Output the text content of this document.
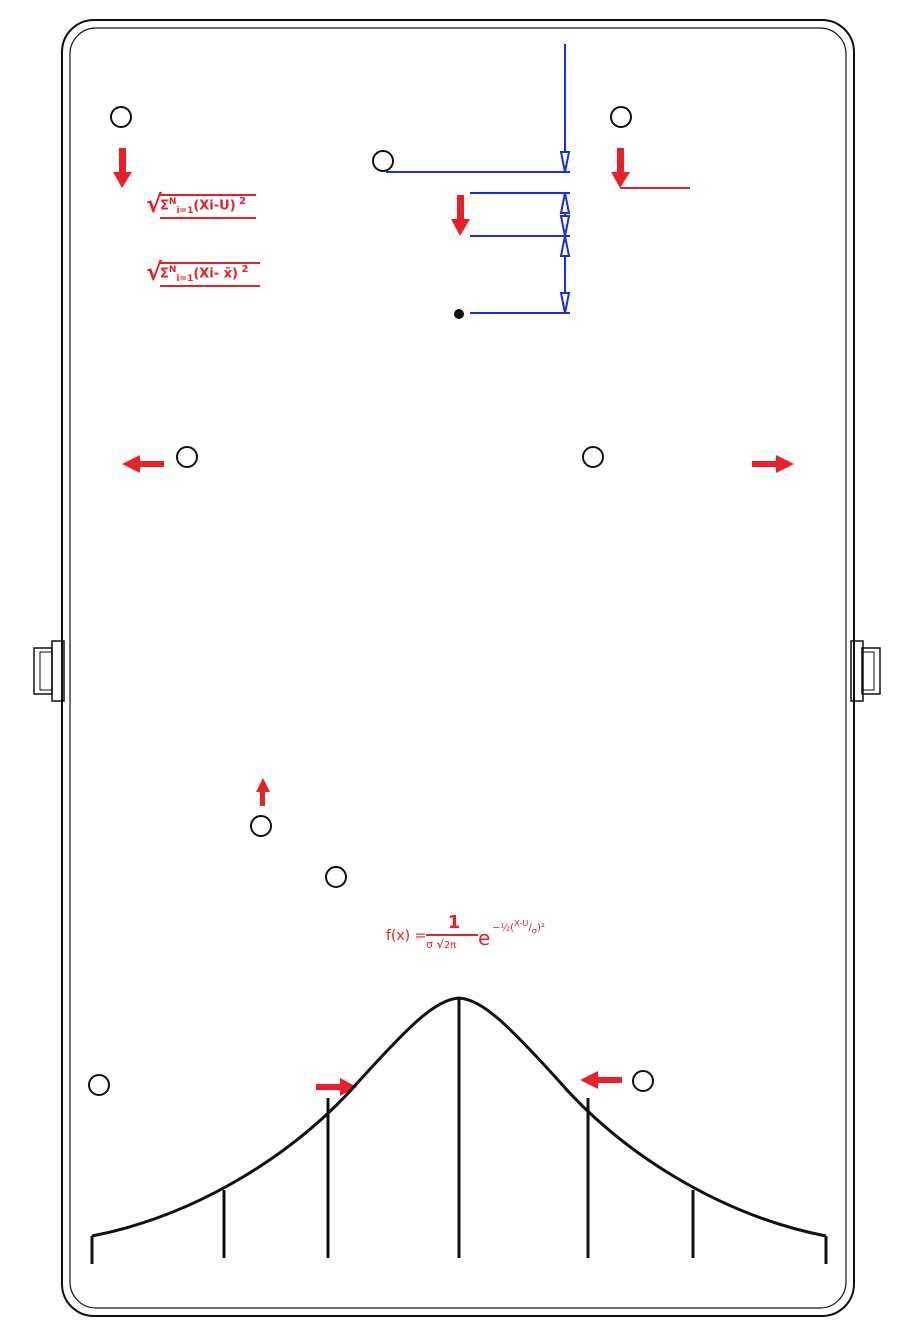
√
$\Sigma^N_{i=1}(Xi-U)$ $^2$
√
$\Sigma^N_{i=1}(Xi-$ x̄) $^2$

f(x) =
1
σ √2π	$e -\frac{1}{2}(^{X-U}/_\sigma)^2$
